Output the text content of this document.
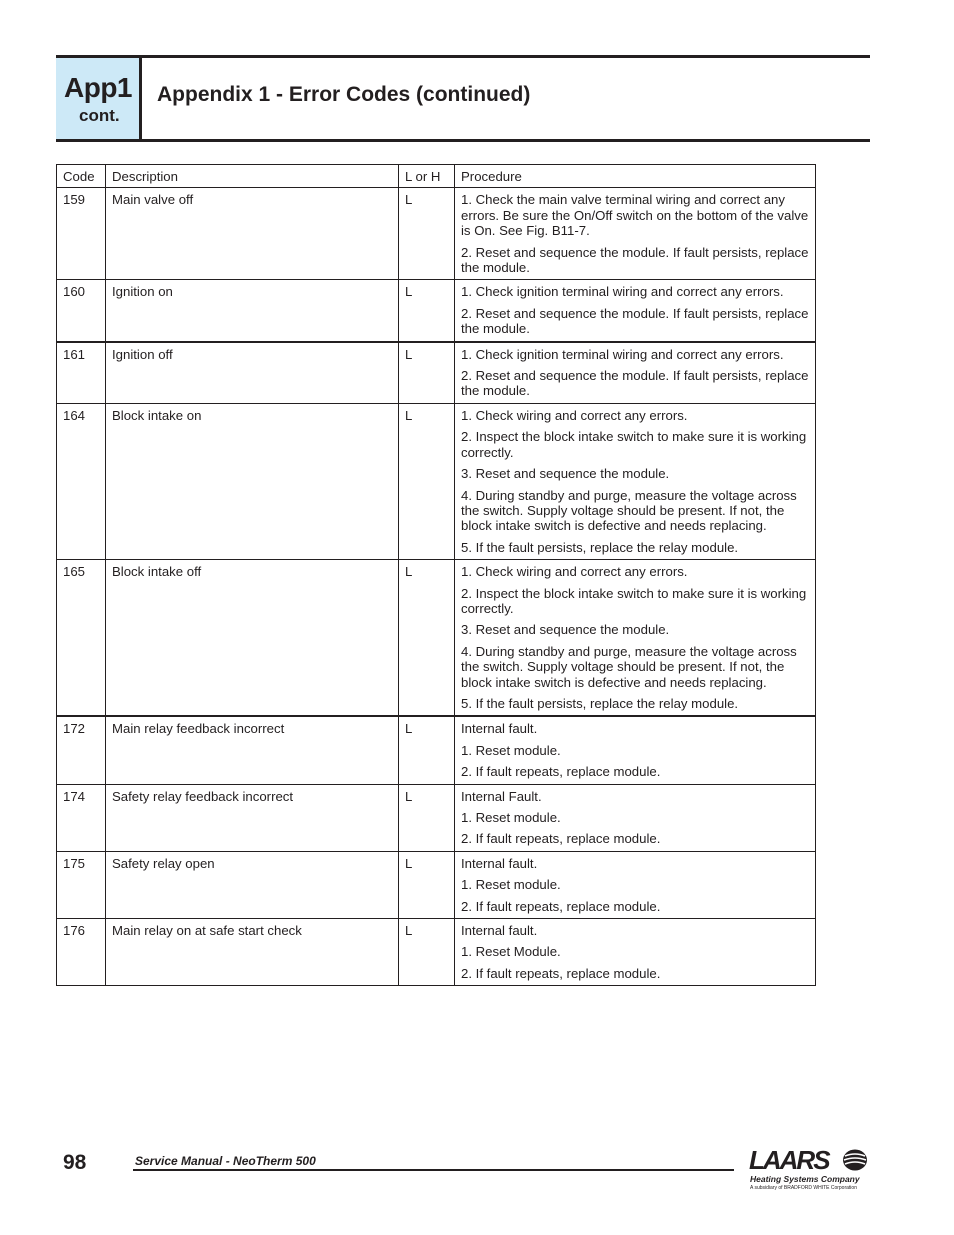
App1
cont.
Appendix 1 - Error Codes (continued)
Code	Description	L or H	Procedure
159	Main valve off	L	1. Check the main valve terminal wiring and correct any errors. Be sure the On/Off switch on the bottom of the valve is On. See Fig. B11-7.
2. Reset and sequence the module. If fault persists, replace the module.

160	Ignition on	L	1. Check ignition terminal wiring and correct any errors.
2. Reset and sequence the module. If fault persists, replace the module.

161	Ignition off	L	1. Check ignition terminal wiring and correct any errors.
2. Reset and sequence the module. If fault persists, replace the module.

164	Block intake on	L	1. Check wiring and correct any errors.
2. Inspect the block intake switch to make sure it is working correctly.
3. Reset and sequence the module.
4. During standby and purge, measure the voltage across the switch. Supply voltage should be present. If not, the block intake switch is defective and needs replacing.
5. If the fault persists, replace the relay module.

165	Block intake off	L	1. Check wiring and correct any errors.
2. Inspect the block intake switch to make sure it is working correctly.
3. Reset and sequence the module.
4. During standby and purge, measure the voltage across the switch. Supply voltage should be present. If not, the block intake switch is defective and needs replacing.
5. If the fault persists, replace the relay module.

172	Main relay feedback incorrect	L	Internal fault.
1. Reset module.
2. If fault repeats, replace module.

174	Safety relay feedback incorrect	L	Internal Fault.
1. Reset module.
2. If fault repeats, replace module.

175	Safety relay open	L	Internal fault.
1. Reset module.
2. If fault repeats, replace module.

176	Main relay on at safe start check	L	Internal fault.
1. Reset Module.
2. If fault repeats, replace module.
98	Service Manual - NeoTherm 500	LAARS
Heating Systems Company
A subsidiary of BRADFORD WHITE Corporation
